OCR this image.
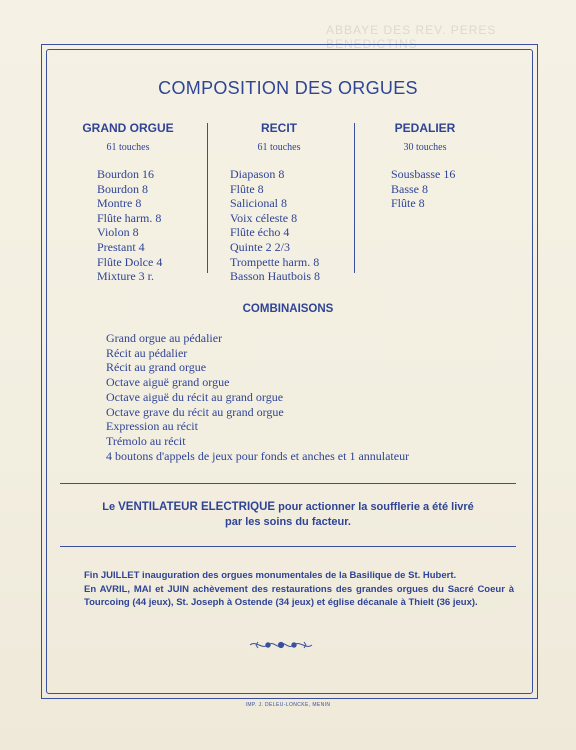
ABBAYE DES REV. PERES BENEDICTINS
COMPOSITION DES ORGUES
GRAND ORGUE
61 touches
Bourdon 16
Bourdon 8
Montre 8
Flûte harm. 8
Violon 8
Prestant 4
Flûte Dolce 4
Mixture 3 r.
RECIT
61 touches
Diapason 8
Flûte 8
Salicional 8
Voix céleste 8
Flûte écho 4
Quinte 2 2/3
Trompette harm. 8
Basson Hautbois 8
PEDALIER
30 touches
Sousbasse 16
Basse 8
Flûte 8
COMBINAISONS
Grand orgue au pédalier
Récit au pédalier
Récit au grand orgue
Octave aiguë grand orgue
Octave aiguë du récit au grand orgue
Octave grave du récit au grand orgue
Expression au récit
Trémolo au récit
4 boutons d'appels de jeux pour fonds et anches et 1 annulateur
Le VENTILATEUR ELECTRIQUE pour actionner la soufflerie a été livré
par les soins du facteur.

Fin JUILLET inauguration des orgues monumentales de la Basilique de St. Hubert.

En AVRIL, MAI et JUIN achèvement des restaurations des grandes orgues du Sacré Coeur à Tourcoing (44 jeux), St. Joseph à Ostende (34 jeux) et église décanale à Thielt (36 jeux).

IMP. J. DELEU-LONCKE, MENIN
